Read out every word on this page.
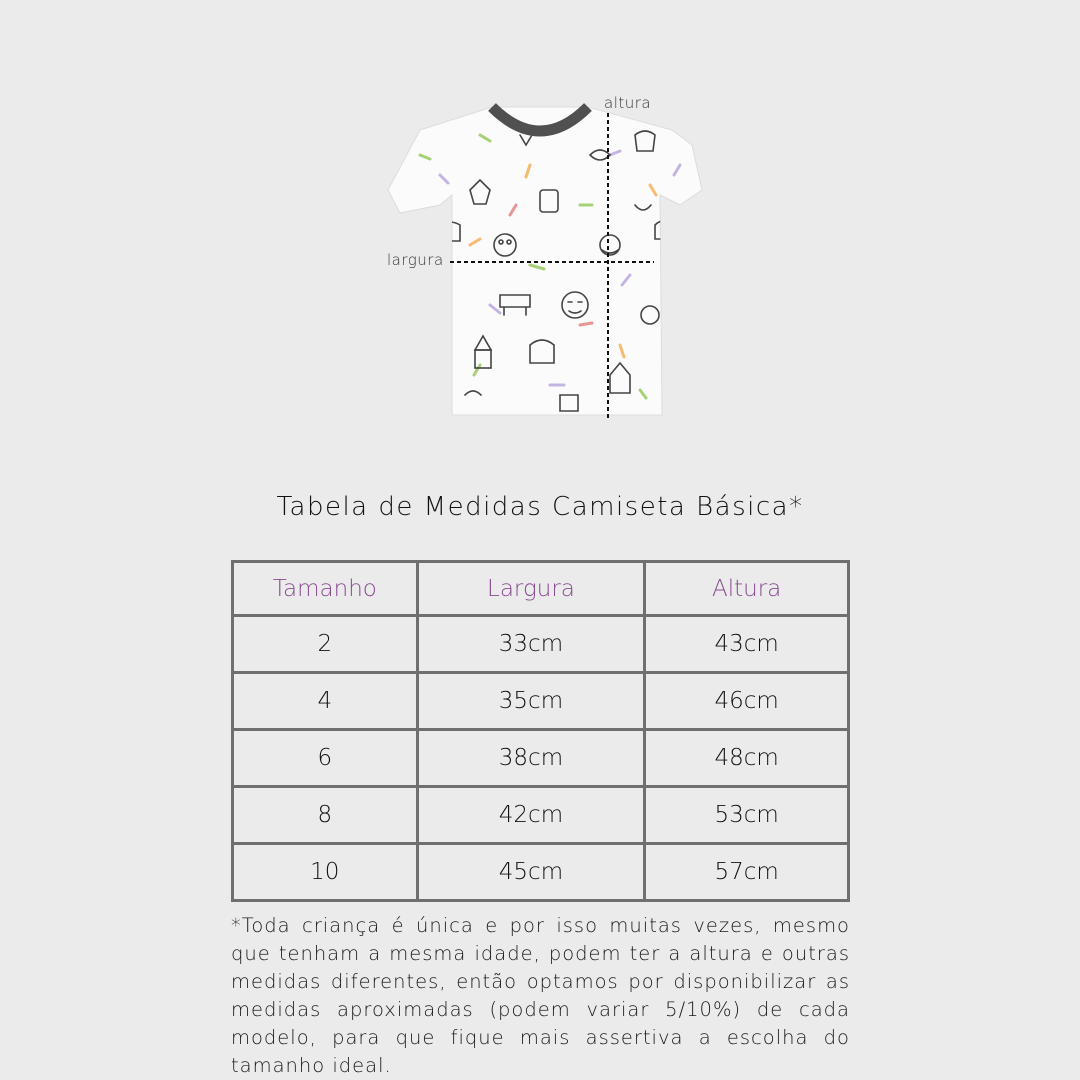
altura
largura
Tabela de Medidas Camiseta Básica*
Tamanho	Largura	Altura
2	33cm	43cm
4	35cm	46cm
6	38cm	48cm
8	42cm	53cm
10	45cm	57cm
*Toda criança é única e por isso muitas vezes, mesmo que tenham a mesma idade, podem ter a altura e outras medidas diferentes, então optamos por disponibilizar as medidas aproximadas (podem variar 5/10%) de cada modelo, para que fique mais assertiva a escolha do tamanho ideal.
